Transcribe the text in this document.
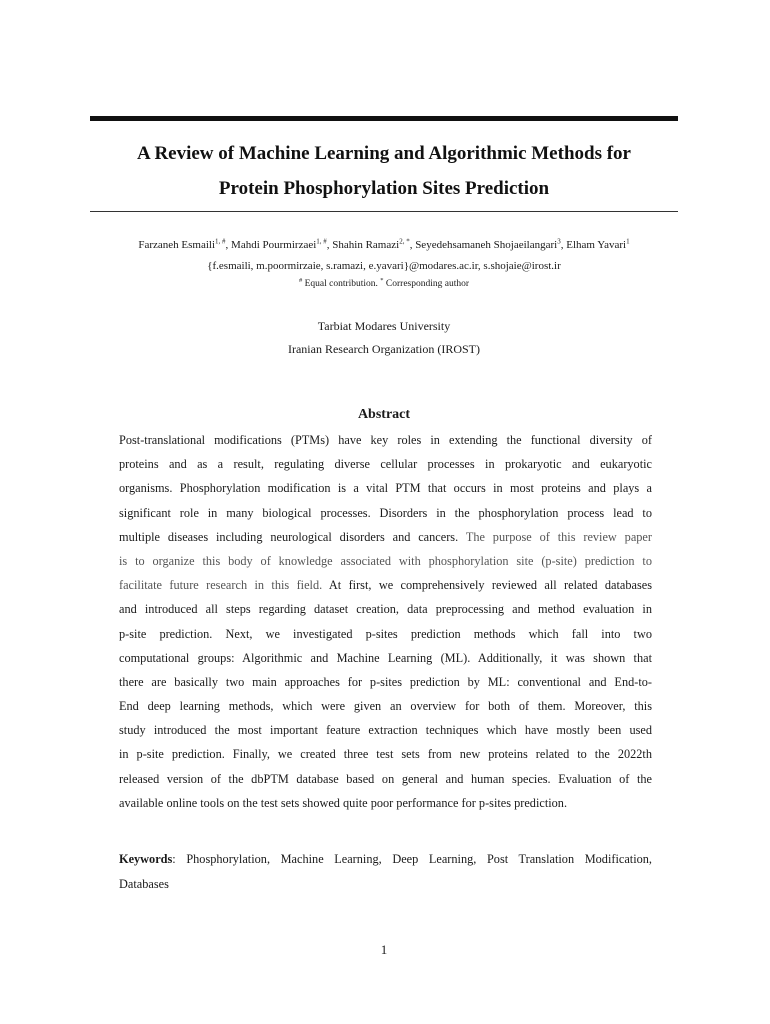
A Review of Machine Learning and Algorithmic Methods for
Protein Phosphorylation Sites Prediction
Farzaneh Esmaili$^{1, \#}$, Mahdi Pourmirzaei$^{1, \#}$, Shahin Ramazi$^{2, *}$, Seyedehsamaneh Shojaeilangari$^3$, Elham Yavari$^1$
{f.esmaili, m.poormirzaie, s.ramazi, e.yavari}@modares.ac.ir, s.shojaie@irost.ir
# Equal contribution. * Corresponding author
Tarbiat Modares University
Iranian Research Organization (IROST)
Abstract
Post-translational modifications (PTMs) have key roles in extending the functional diversity of
proteins and as a result, regulating diverse cellular processes in prokaryotic and eukaryotic
organisms. Phosphorylation modification is a vital PTM that occurs in most proteins and plays a
significant role in many biological processes. Disorders in the phosphorylation process lead to
multiple diseases including neurological disorders and cancers. The purpose of this review paper
is to organize this body of knowledge associated with phosphorylation site (p-site) prediction to
facilitate future research in this field. At first, we comprehensively reviewed all related databases
and introduced all steps regarding dataset creation, data preprocessing and method evaluation in
p-site prediction. Next, we investigated p-sites prediction methods which fall into two
computational groups: Algorithmic and Machine Learning (ML). Additionally, it was shown that
there are basically two main approaches for p-sites prediction by ML: conventional and End-to-
End deep learning methods, which were given an overview for both of them. Moreover, this
study introduced the most important feature extraction techniques which have mostly been used
in p-site prediction. Finally, we created three test sets from new proteins related to the 2022th
released version of the dbPTM database based on general and human species. Evaluation of the
available online tools on the test sets showed quite poor performance for p-sites prediction.
Keywords: Phosphorylation, Machine Learning, Deep Learning, Post Translation Modification,
Databases
1
